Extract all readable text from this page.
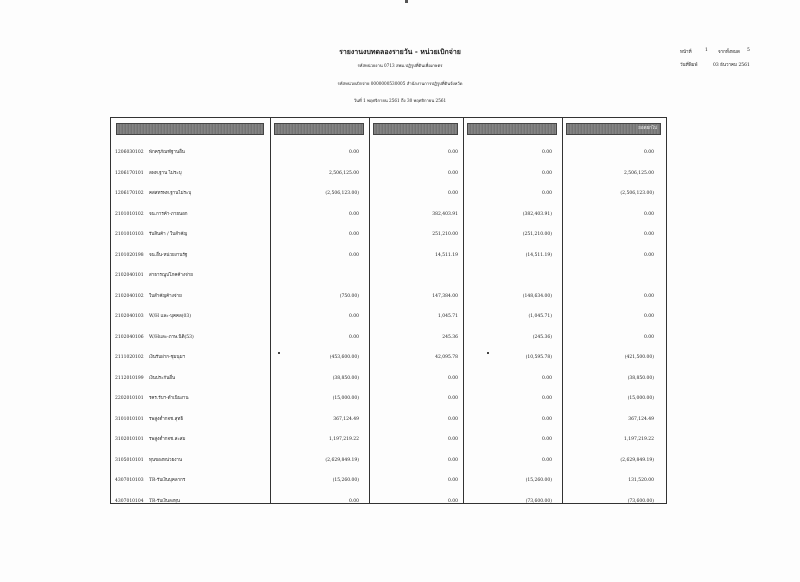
รายงานงบทดลองรายวัน - หน่วยเบิกจ่าย
รหัสหน่วยงาน 0713 สพม.ปฏิรูปที่ดินเพื่อเกษตร
รหัสหน่วยเบิกจ่าย 0000000530005 สำนักงานการปฏิรูปที่ดินจังหวัด
วันที่ 1 พฤศจิกายน 2561 ถึง 30 พฤศจิกายน 2561
หน้าที่	1 จากทั้งหมด 5
วันที่พิมพ์	03 ธันวาคม 2561
ยอดยกไป
1206030102 พักครุภัณฑ์ฐานอื่น	0.00	0.00	0.00	0.00
1206170101 ลพท.ฐาน ไม่ระบุ	2,506,125.00	0.00	0.00	2,506,125.00
1206170102 คสสทรพท.ฐานไม่ระบุ	(2,506,123.00)	0.00	0.00	(2,506,123.00)
2101010102 จน.การค้า-ภายนอก	0.00	382,403.91	(382,403.91)	0.00
2101010103 รับสินค้า / ใบสำคัญ	0.00	251,210.00	(251,210.00)	0.00
2101020198 จน.อื่น-หน่วยงานรัฐ	0.00	14,511.19	(14,511.19)	0.00
2102040101 สาธารณูปโภคค้างจ่าย
2102040102 ใบสำคัญค้างจ่าย	(750.00)	147,384.00	(148,634.00)	0.00
2102040103 W/H และ-บุคคล(03)	0.00	1,045.71	(1,045.71)	0.00
2102040106 W/Hและ-ภาษ.นิติ(53)	0.00	245.36	(245.36)	0.00
2111020102 เงินรับฝาก-ชุมนุมฯ	(453,600.00)	42,095.78	(10,595.78)	(421,500.00)
2112010199 เงินประกันอื่น	(38,850.00)	0.00	0.00	(38,850.00)
2202010101 รคร.รับฯ-ดำเนินงาน	(15,000.00)	0.00	0.00	(15,000.00)
3101010101 รพสูงต่ำกจช.สุทธิ	367,124.49	0.00	0.00	367,124.49
3102010101 รพสูงต่ำกจช.สะสม	1,197,219.22	0.00	0.00	1,197,219.22
3105010101 ทุนของหน่วยงาน	(2,629,849.19)	0.00	0.00	(2,629,849.19)
4307010103 TR-รับเงินบุคลากร	(15,260.00)	0.00	(15,260.00)	131,520.00
4307010104 TR-รับเงินลงทุน	0.00	0.00	(73,600.00)	(73,600.00)
